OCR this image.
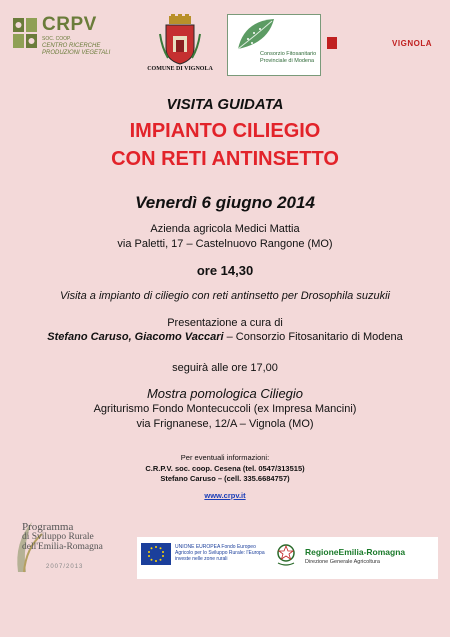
CRPV
SOC. COOP.
CENTRO RICERCHE PRODUZIONI VEGETALI
COMUNE DI VIGNOLA
Consorzio Fitosanitario Provinciale di Modena
VIGNOLA
VISITA GUIDATA
IMPIANTO CILIEGIO
CON RETI ANTINSETTO
Venerdì 6 giugno 2014
Azienda agricola Medici Mattia
via Paletti, 17 – Castelnuovo Rangone (MO)
ore 14,30
Visita a impianto di ciliegio con reti antinsetto per Drosophila suzukii
Presentazione a cura di
Stefano Caruso, Giacomo Vaccari – Consorzio Fitosanitario di Modena
seguirà alle ore 17,00
Mostra pomologica Ciliegio
Agriturismo Fondo Montecuccoli (ex Impresa Mancini)
via Frignanese, 12/A – Vignola (MO)
Per eventuali informazioni:
C.R.P.V. soc. coop. Cesena (tel. 0547/313515)
Stefano Caruso – (cell. 335.6684757)
www.crpv.it
Programma
di Sviluppo Rurale
dell'Emilia-Romagna
2007/2013
UNIONE EUROPEA Fondo Europeo Agricolo per lo Sviluppo Rurale: l'Europa investe nelle zone rurali
RegioneEmilia-Romagna
Direzione Generale Agricoltura
